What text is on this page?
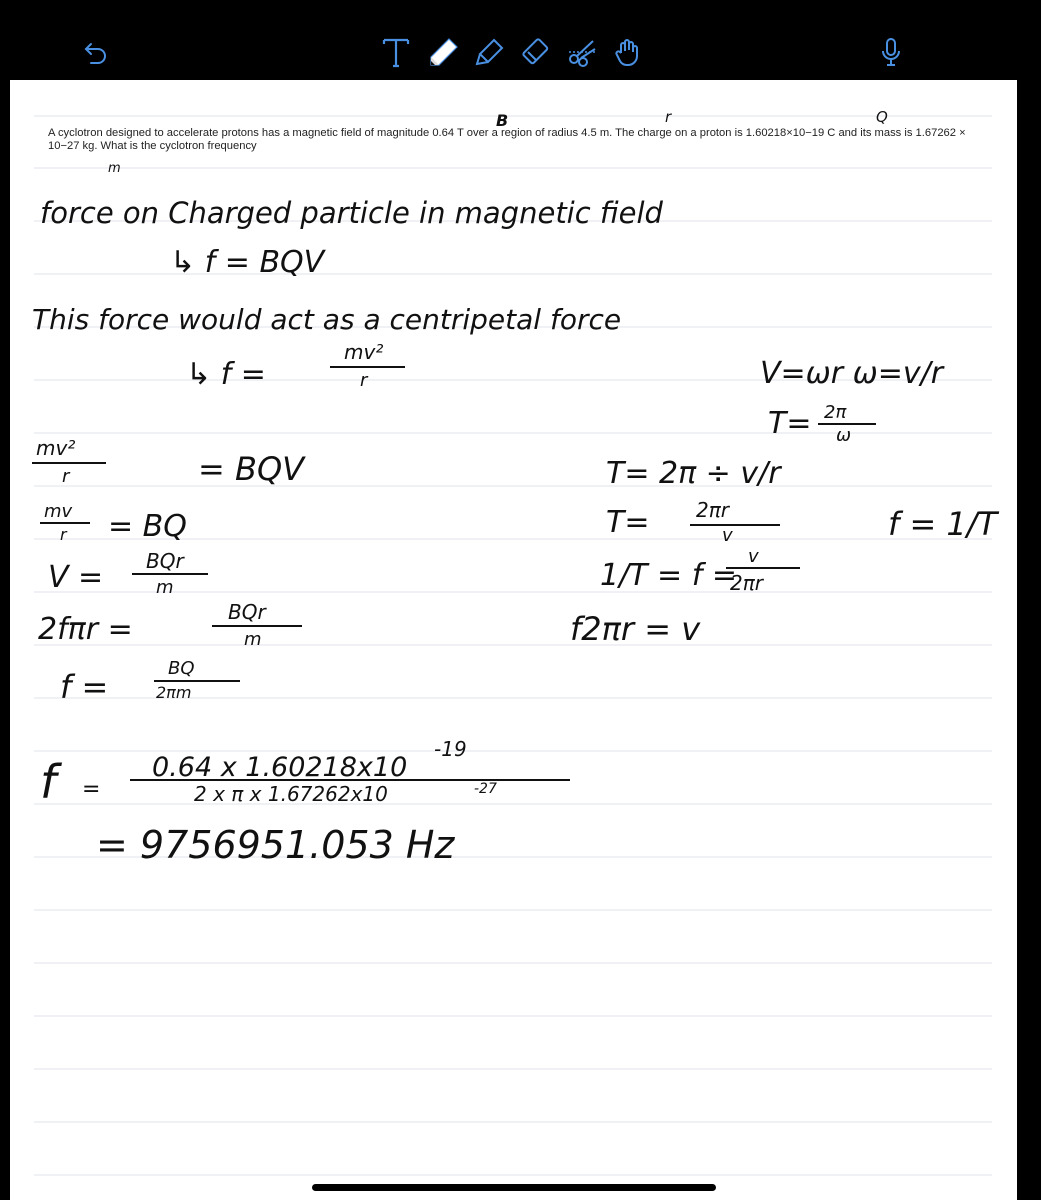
A cyclotron designed to accelerate protons has a magnetic field of magnitude 0.64 T over a region of radius 4.5 m. The charge on a proton is 1.60218×10−19 C and its mass is 1.67262 × 10−27 kg. What is the cyclotron frequency
B	r	Q
m
force on Charged particle in magnetic field
↳ f = BQV
This force would act as a centripetal force
↳ f =
mv²
r	V=ωr ω=v/r
T= 2π
ω
mv²
r	= BQV	T= 2π ÷ v/r
mv
r = BQ	T= 2πr
v	f = 1/T
V = BQr
m	1/T = f =
v
2πr
2fπr =	BQr
m	f2πr = v
f =	BQ
2πm
f =
0.64 x 1.60218x10
-19
2 x π x 1.67262x10	-27
= 9756951.053 Hz
